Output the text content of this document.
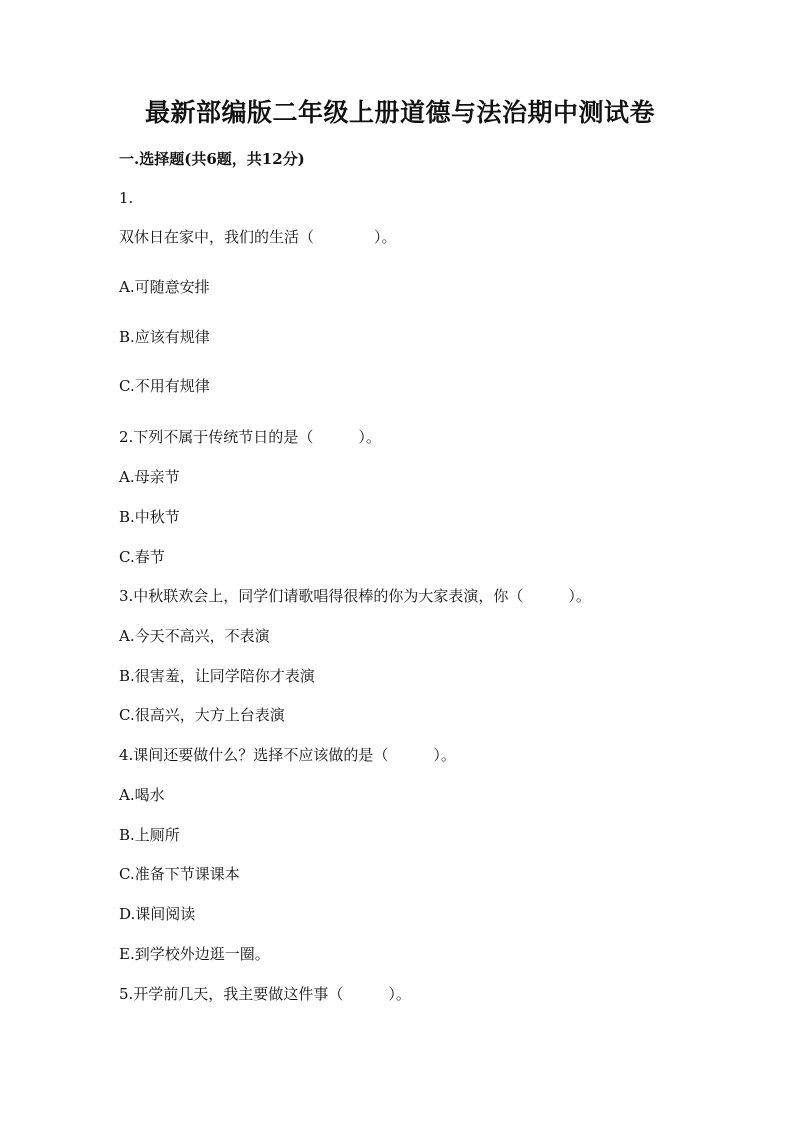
最新部编版二年级上册道德与法治期中测试卷
一.选择题(共6题，共12分)
1.
双休日在家中，我们的生活（　　　　）。
A.可随意安排
B.应该有规律
C.不用有规律
2.下列不属于传统节日的是（　　　）。
A.母亲节
B.中秋节
C.春节
3.中秋联欢会上，同学们请歌唱得很棒的你为大家表演，你（　　　）。
A.今天不高兴，不表演
B.很害羞，让同学陪你才表演
C.很高兴，大方上台表演
4.课间还要做什么？选择不应该做的是（　　　）。
A.喝水
B.上厕所
C.准备下节课课本
D.课间阅读
E.到学校外边逛一圈。
5.开学前几天，我主要做这件事（　　　）。
